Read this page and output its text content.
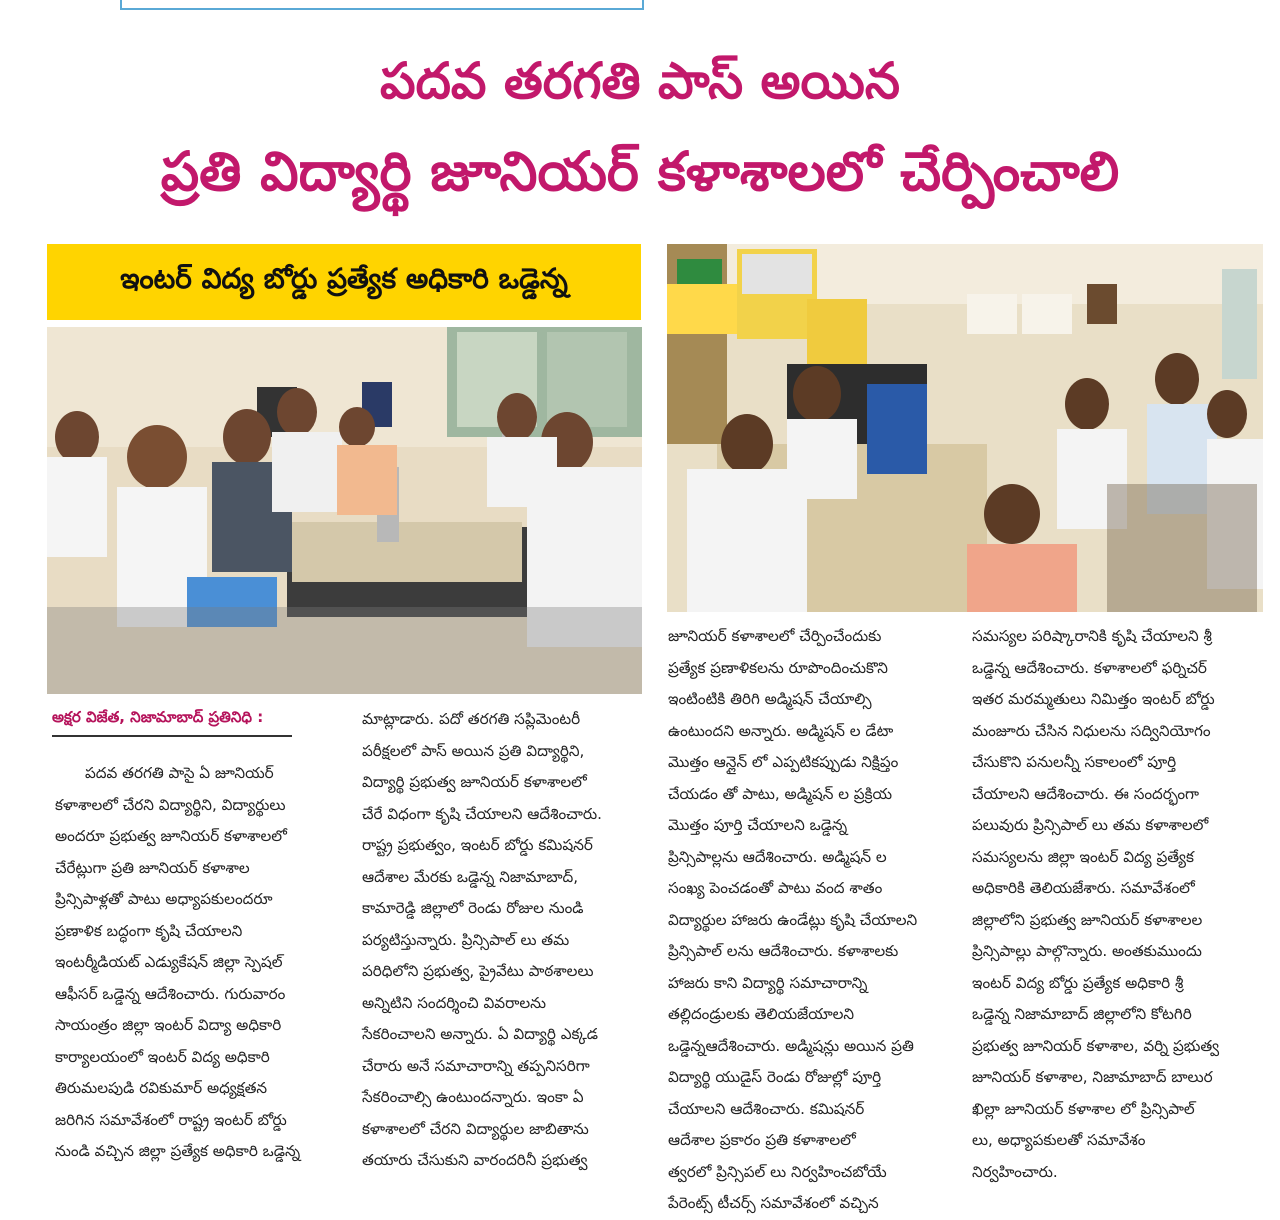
పదవ తరగతి పాస్ అయిన
ప్రతి విద్యార్థి జూనియర్ కళాశాలలో చేర్పించాలి
ఇంటర్ విద్య బోర్డు ప్రత్యేక అధికారి ఒడ్డెన్న
అక్షర విజేత, నిజామాబాద్ ప్రతినిధి :
పదవ తరగతి పాసై ఏ జూనియర్
కళాశాలలో చేరని విద్యార్థిని, విద్యార్థులు
అందరూ ప్రభుత్వ జూనియర్ కళాశాలలో
చేరేట్లుగా ప్రతి జూనియర్ కళాశాల
ప్రిన్సిపాళ్లతో పాటు అధ్యాపకులందరూ
ప్రణాళిక బద్ధంగా కృషి చేయాలని
ఇంటర్మీడియట్ ఎడ్యుకేషన్ జిల్లా స్పెషల్
ఆఫీసర్ ఒడ్డెన్న ఆదేశించారు. గురువారం
సాయంత్రం జిల్లా ఇంటర్ విద్యా అధికారి
కార్యాలయంలో ఇంటర్ విద్య అధికారి
తిరుమలపుడి రవికుమార్ అధ్యక్షతన
జరిగిన సమావేశంలో రాష్ట్ర ఇంటర్ బోర్డు
నుండి వచ్చిన జిల్లా ప్రత్యేక అధికారి ఒడ్డెన్న
మాట్లాడారు. పదో తరగతి సప్లిమెంటరీ
పరీక్షలలో పాస్ అయిన ప్రతి విద్యార్థిని,
విద్యార్థి ప్రభుత్వ జూనియర్ కళాశాలలో
చేరే విధంగా కృషి చేయాలని ఆదేశించారు.
రాష్ట్ర ప్రభుత్వం, ఇంటర్ బోర్డు కమిషనర్
ఆదేశాల మేరకు ఒడ్డెన్న నిజామాబాద్,
కామారెడ్డి జిల్లాలో రెండు రోజుల నుండి
పర్యటిస్తున్నారు. ప్రిన్సిపాల్ లు తమ
పరిధిలోని ప్రభుత్వ, ప్రైవేటు పాఠశాలలు
అన్నిటిని సందర్శించి వివరాలను
సేకరించాలని అన్నారు. ఏ విద్యార్థి ఎక్కడ
చేరారు అనే సమాచారాన్ని తప్పనిసరిగా
సేకరించాల్సి ఉంటుందన్నారు. ఇంకా ఏ
కళాశాలలో చేరని విద్యార్థుల జాబితాను
తయారు చేసుకుని వారందరినీ ప్రభుత్వ
జూనియర్ కళాశాలలో చేర్పించేందుకు
ప్రత్యేక ప్రణాళికలను రూపొందించుకొని
ఇంటింటికి తిరిగి అడ్మిషన్ చేయాల్సి
ఉంటుందని అన్నారు. అడ్మిషన్ ల డేటా
మొత్తం ఆన్లైన్ లో ఎప్పటికప్పుడు నిక్షిప్తం
చేయడం తో పాటు, అడ్మిషన్ ల ప్రక్రియ
మొత్తం పూర్తి చేయాలని ఒడ్డెన్న
ప్రిన్సిపాల్లను ఆదేశించారు. అడ్మిషన్ ల
సంఖ్య పెంచడంతో పాటు వంద శాతం
విద్యార్థుల హాజరు ఉండేట్లు కృషి చేయాలని
ప్రిన్సిపాల్ లను ఆదేశించారు. కళాశాలకు
హాజరు కాని విద్యార్థి సమాచారాన్ని
తల్లిదండ్రులకు తెలియజేయాలని
ఒడ్డెన్నఆదేశించారు. అడ్మిషన్లు అయిన ప్రతి
విద్యార్థి యుడైస్ రెండు రోజుల్లో పూర్తి
చేయాలని ఆదేశించారు. కమిషనర్
ఆదేశాల ప్రకారం ప్రతి కళాశాలలో
త్వరలో ప్రిన్సిపల్ లు నిర్వహించబోయే
పేరెంట్స్ టీచర్స్ సమావేశంలో వచ్చిన
సమస్యల పరిష్కారానికి కృషి చేయాలని శ్రీ
ఒడ్డెన్న ఆదేశించారు. కళాశాలలో ఫర్నిచర్
ఇతర మరమ్మతులు నిమిత్తం ఇంటర్ బోర్డు
మంజూరు చేసిన నిధులను సద్వినియోగం
చేసుకొని పనులన్నీ సకాలంలో పూర్తి
చేయాలని ఆదేశించారు. ఈ సందర్భంగా
పలువురు ప్రిన్సిపాల్ లు తమ కళాశాలలో
సమస్యలను జిల్లా ఇంటర్ విద్య ప్రత్యేక
అధికారికి తెలియజేశారు. సమావేశంలో
జిల్లాలోని ప్రభుత్వ జూనియర్ కళాశాలల
ప్రిన్సిపాల్లు పాల్గొన్నారు. అంతకుముందు
ఇంటర్ విద్య బోర్డు ప్రత్యేక అధికారి శ్రీ
ఒడ్డెన్న నిజామాబాద్ జిల్లాలోని కోటగిరి
ప్రభుత్వ జూనియర్ కళాశాల, వర్ని ప్రభుత్వ
జూనియర్ కళాశాల, నిజామాబాద్ బాలుర
ఖిల్లా జూనియర్ కళాశాల లో ప్రిన్సిపాల్
లు, అధ్యాపకులతో సమావేశం
నిర్వహించారు.
